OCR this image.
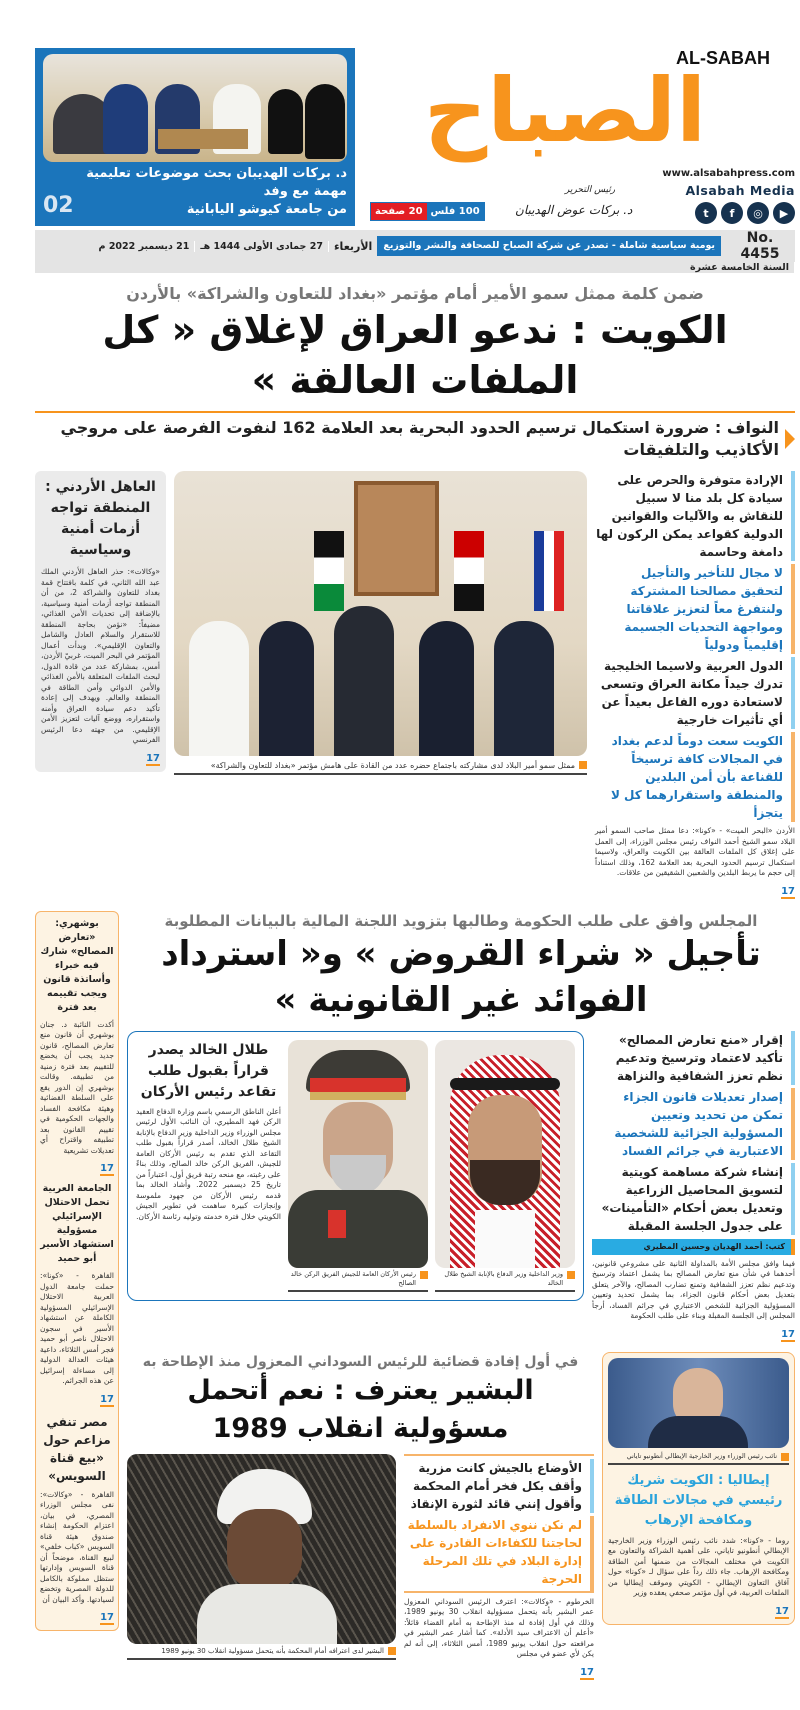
02
د. بركات الهديبان بحث موضوعات تعليمية مهمة مع وفد
من جامعة كيوشو اليابانية
AL-SABAH
الصباح
www.alsabahpress.com
Alsabah Media
t	f	◎	▶
رئيس التحرير
د. بركات عوض الهديبان
20 صفحة 100 فلس
No. 4455
يومية سياسية شاملة - تصدر عن شركة الصباح للصحافة والنشر والتوزيع
الأربعاء
27 جمادى الأولى 1444 هـ
21 ديسمبر 2022 م
السنة الخامسة عشرة
ضمن كلمة ممثل سمو الأمير أمام مؤتمر «بغداد للتعاون والشراكة» بالأردن
الكويت : ندعو العراق لإغلاق « كل الملفات العالقة »
النواف : ضرورة استكمال ترسيم الحدود البحرية بعد العلامة 162 لنفوت الفرصة على مروجي الأكاذيب والتلفيقات
الإرادة متوفرة والحرص على سيادة كل بلد منا لا سبيل للنقاش به والآليات والقوانين الدولية كقواعد يمكن الركون لها دامغة وحاسمة
لا مجال للتأخير والتأجيل لتحقيق مصالحنا المشتركة ولنتفرغ معاً لتعزيز علاقاتنا ومواجهة التحديات الجسيمة إقليمياً ودولياً
الدول العربية ولاسيما الخليجية تدرك جيداً مكانة العراق وتسعى لاستعادة دوره الفاعل بعيداً عن أي تأثيرات خارجية
الكويت سعت دوماً لدعم بغداد في المجالات كافة ترسيخاً للقناعة بأن أمن البلدين والمنطقة واستقرارهما كل لا يتجزأ
الأردن «البحر الميت» - «كونا»: دعا ممثل صاحب السمو أمير البلاد سمو الشيخ أحمد النواف رئيس مجلس الوزراء، إلى العمل على إغلاق كل الملفات العالقة بين الكويت والعراق، ولاسيما استكمال ترسيم الحدود البحرية بعد العلامة 162، وذلك استناداً إلى حجم ما يربط البلدين والشعبين الشقيقين من علاقات.
17
ممثل سمو أمير البلاد لدى مشاركته باجتماع حضره عدد من القادة على هامش مؤتمر «بغداد للتعاون والشراكة»
العاهل الأردني : المنطقة تواجه أزمات أمنية وسياسية
«وكالات»: حذر العاهل الأردني الملك عبد الله الثاني، في كلمة بافتتاح قمة بغداد للتعاون والشراكة 2، من أن المنطقة تواجه أزمات أمنية وسياسية، بالإضافة إلى تحديات الأمن الغذائي، مضيفاً: «نؤمن بحاجة المنطقة للاستقرار والسلام العادل والشامل والتعاون الإقليمي». وبدأت أعمال المؤتمر في البحر الميت، غربيّ الأردن، أمس، بمشاركة عدد من قادة الدول، لبحث الملفات المتعلقة بالأمن الغذائي والأمن الدوائي وأمن الطاقة في المنطقة والعالم. ويهدف إلى إعادة تأكيد دعم سيادة العراق وأمنه واستقراره، ووضع آليات لتعزيز الأمن الإقليمي. من جهته دعا الرئيس الفرنسي
17
المجلس وافق على طلب الحكومة وطالبها بتزويد اللجنة المالية بالبيانات المطلوبة
تأجيل « شراء القروض » و« استرداد الفوائد غير القانونية »
إقرار «منع تعارض المصالح» تأكيد لاعتماد وترسيخ وتدعيم نظم تعزز الشفافية والنزاهة
إصدار تعديلات قانون الجزاء تمكن من تحديد وتعيين المسؤولية الجزائية للشخصية الاعتبارية في جرائم الفساد
إنشاء شركة مساهمة كويتية لتسويق المحاصيل الزراعية وتعديل بعض أحكام «التأمينات» على جدول الجلسة المقبلة
كتب: أحمد الهديان وحسين المطيري
فيما وافق مجلس الأمة بالمداولة الثانية على مشروعي قانونين، أحدهما في شأن منع تعارض المصالح بما يشمل اعتماد وترسيخ وتدعيم نظم تعزز الشفافية وتمنع تضارب المصالح، والآخر يتعلق بتعديل بعض أحكام قانون الجزاء، بما يشمل تحديد وتعيين المسؤولية الجزائية للشخص الاعتباري في جرائم الفساد، أرجأ المجلس إلى الجلسة المقبلة وبناء على طلب الحكومة
17
وزير الداخلية وزير الدفاع بالإنابة الشيخ طلال الخالد
رئيس الأركان العامة للجيش الفريق الركن خالد الصالح
طلال الخالد يصدر قراراً بقبول طلب تقاعد رئيس الأركان
أعلن الناطق الرسمي باسم وزارة الدفاع العقيد الركن فهد المطيري، أن النائب الأول لرئيس مجلس الوزراء وزير الداخلية وزير الدفاع بالإنابة الشيخ طلال الخالد، أصدر قراراً بقبول طلب التقاعد الذي تقدم به رئيس الأركان العامة للجيش، الفريق الركن خالد الصالح، وذلك بناءً على رغبته، مع منحه رتبة فريق أول، اعتباراً من تاريخ 25 ديسمبر 2022. وأشاد الخالد بما قدمه رئيس الأركان من جهود ملموسة وإنجازات كبيرة ساهمت في تطوير الجيش الكويتي خلال فترة خدمته وتوليه رئاسة الأركان.
نائب رئيس الوزراء وزير الخارجية الإيطالي أنطونيو تاياني
إيطاليا : الكويت شريك رئيسي في مجالات الطاقة ومكافحة الإرهاب
روما - «كونا»: شدد نائب رئيس الوزراء وزير الخارجية الإيطالي أنطونيو تاياني، على أهمية الشراكة والتعاون مع الكويت في مختلف المجالات من ضمنها أمن الطاقة ومكافحة الإرهاب. جاء ذلك رداً على سؤال لـ «كونا» حول آفاق التعاون الإيطالي - الكويتي وموقف إيطاليا من الملفات العربية، في أول مؤتمر صحفي يعقده وزير
17
في أول إفادة قضائية للرئيس السوداني المعزول منذ الإطاحة به
البشير يعترف : نعم أتحمل مسؤولية انقلاب 1989
الأوضاع بالجيش كانت مزرية وأقف بكل فخر أمام المحكمة وأقول إنني قائد لثورة الإنقاذ
لم نكن ننوي الانفراد بالسلطة لحاجتنا للكفاءات القادرة على إدارة البلاد في تلك المرحلة الحرجة
الخرطوم - «وكالات»: اعترف الرئيس السوداني المعزول عمر البشير بأنه يتحمل مسؤولية انقلاب 30 يونيو 1989، وذلك في أول إفادة له منذ الإطاحة به أمام القضاء قائلاً: «أعلم أن الاعتراف سيد الأدلة». كما أشار عمر البشير في مرافعته حول انقلاب يونيو 1989، أمس الثلاثاء، إلى أنه لم يكن لأي عضو في مجلس
17
البشير لدى اعترافه أمام المحكمة بأنه يتحمل مسؤولية انقلاب 30 يونيو 1989
بوشهري: «تعارض المصالح» شارك فيه خبراء وأساتذة قانون ويجب تقييمه بعد فترة
أكدت النائبة د. جنان بوشهري أن قانون منع تعارض المصالح، قانون جديد يجب أن يخضع للتقييم بعد فترة زمنية من تطبيقه. وقالت بوشهري إن الدور يقع على السلطة القضائية وهيئة مكافحة الفساد والجهات الحكومية في تقييم القانون بعد تطبيقه واقتراح أي تعديلات تشريعية
17
الجامعة العربية تحمل الاحتلال الإسرائيلي مسؤولية استشهاد الأسير أبو حميد
القاهرة - «كونا»: حملت جامعة الدول العربية الاحتلال الإسرائيلي المسؤولية الكاملة عن استشهاد الأسير في سجون الاحتلال ناصر أبو حميد فجر أمس الثلاثاء، داعية هيئات العدالة الدولية إلى مساءلة إسرائيل عن هذه الجرائم.
17
مصر تنفي مزاعم حول «بيع قناة السويس»
القاهرة - «وكالات»: نفى مجلس الوزراء المصري، في بيان، اعتزام الحكومة إنشاء صندوق هيئة قناة السويس «كباب خلفي» لبيع القناة، موضحاً أن قناة السويس وإدارتها ستظل مملوكة بالكامل للدولة المصرية وتخضع لسيادتها. وأكد البيان أن
17
